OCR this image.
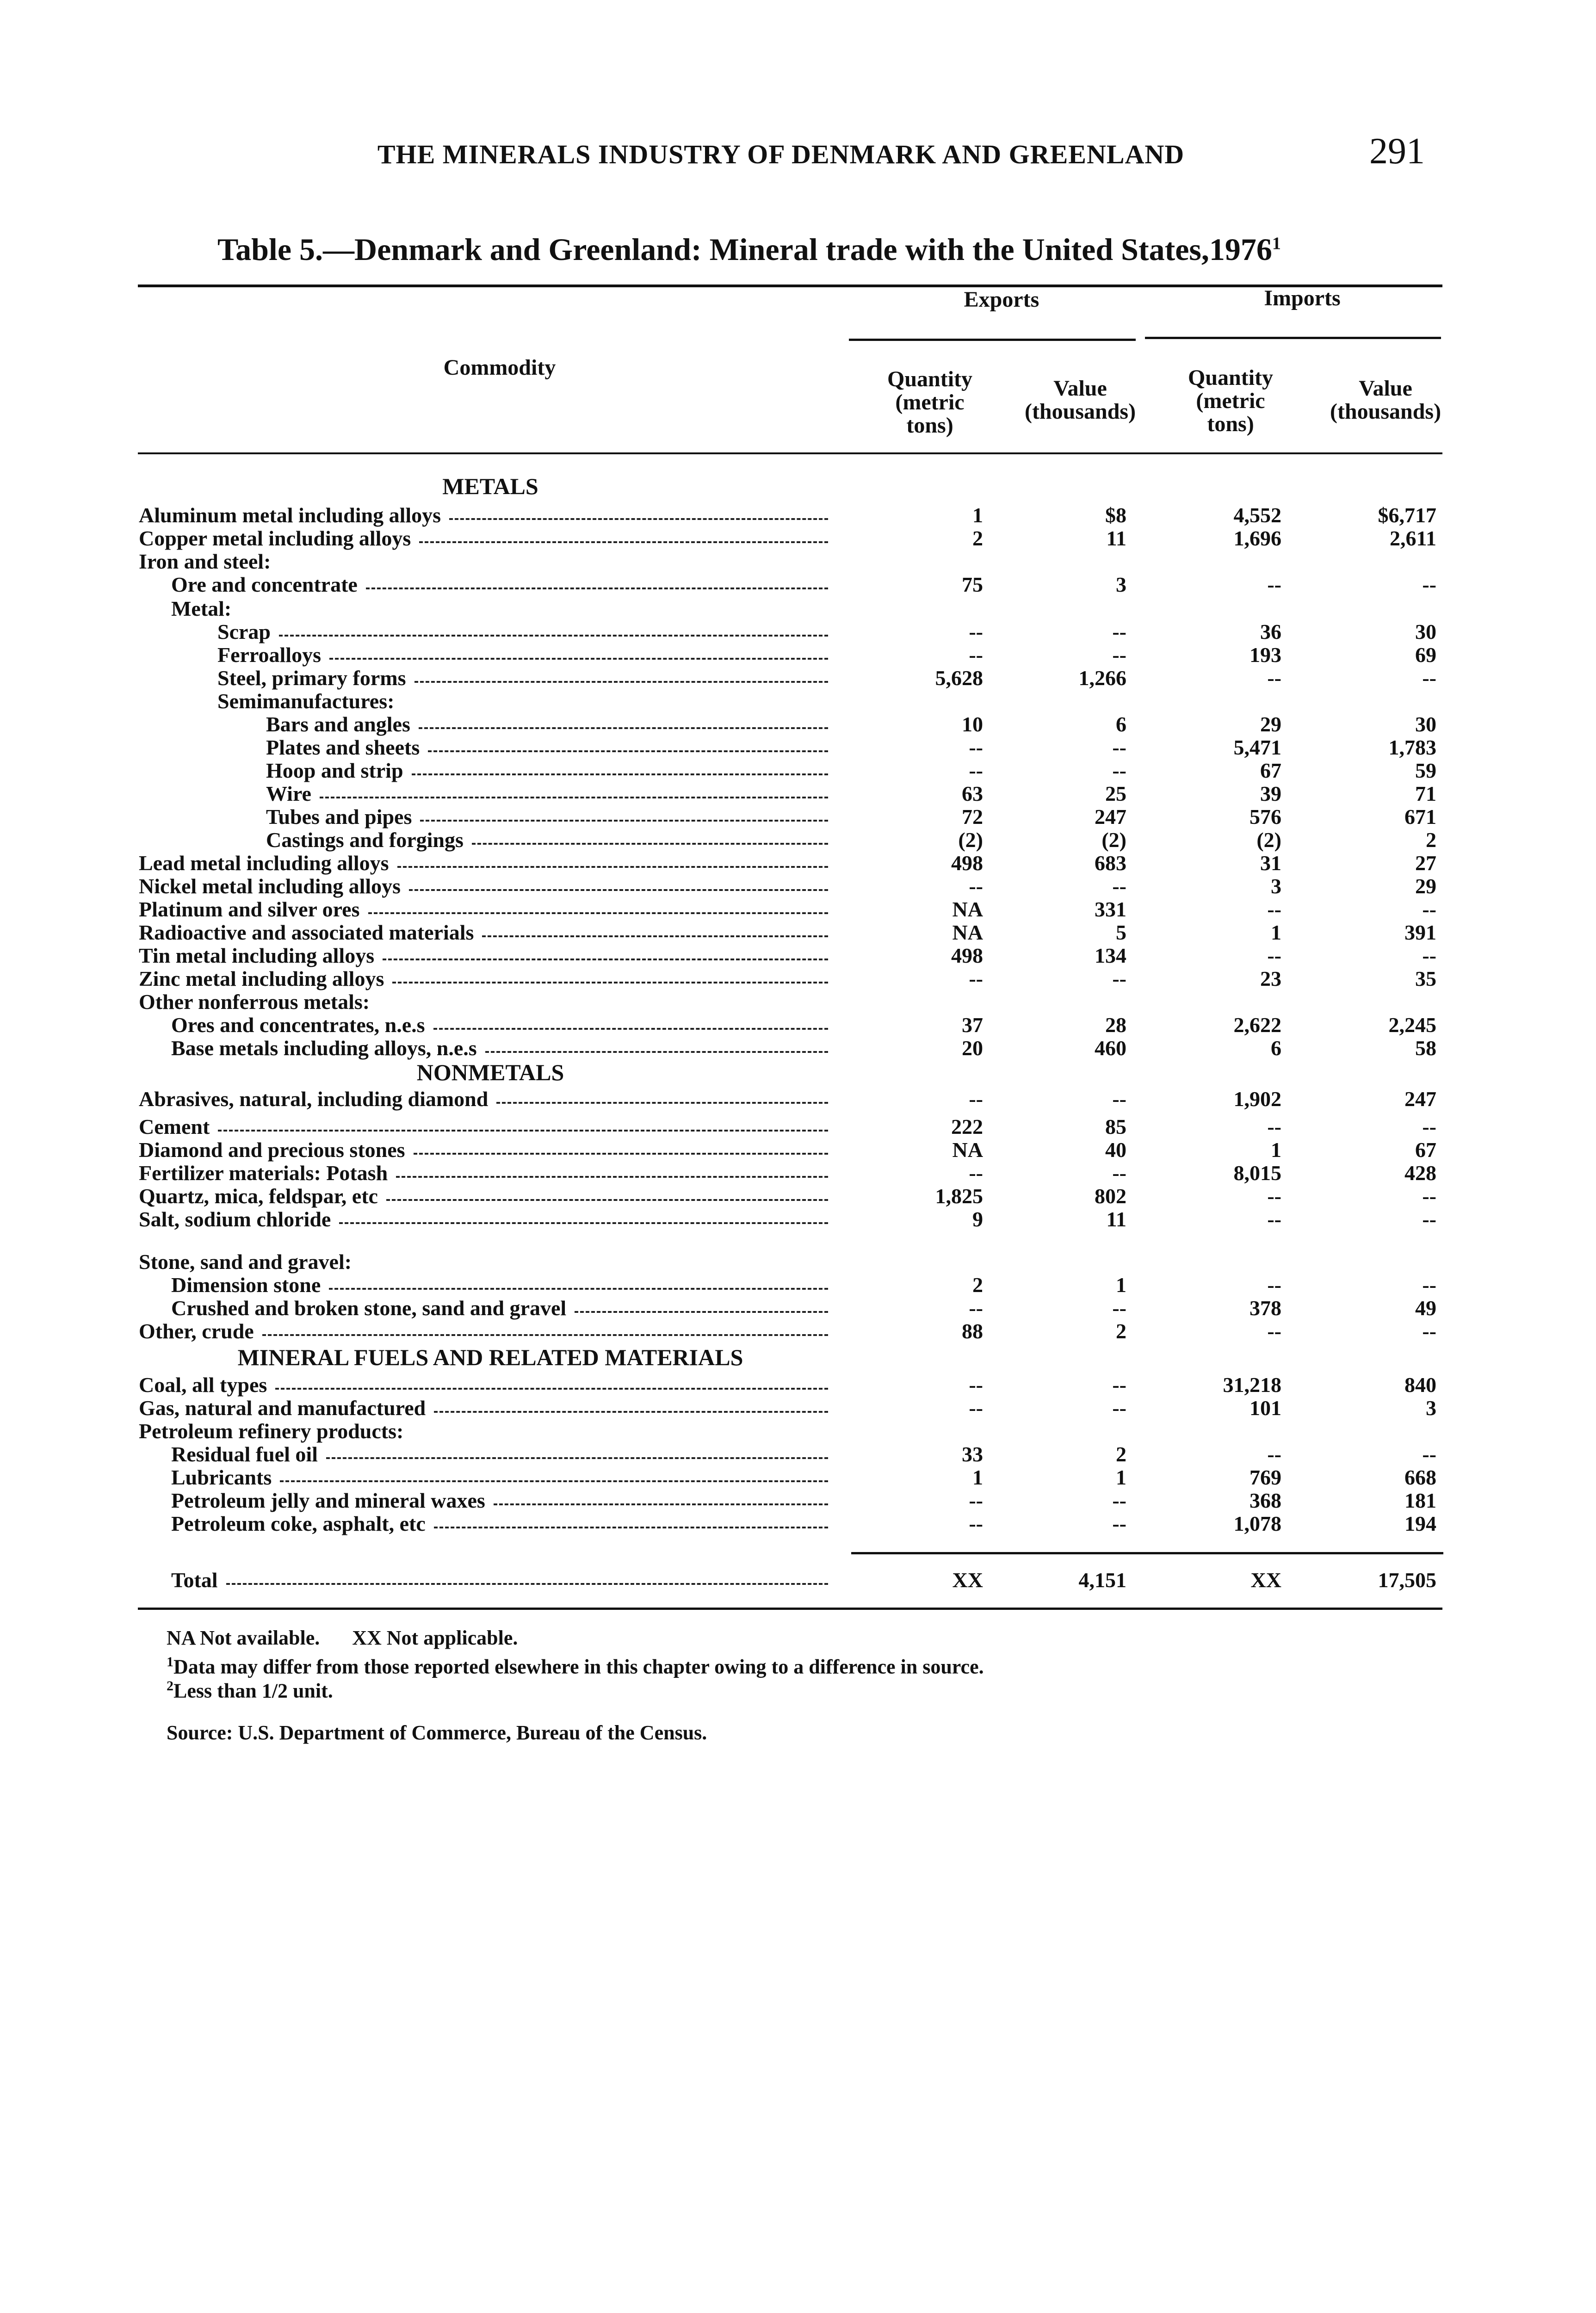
THE MINERALS INDUSTRY OF DENMARK AND GREENLAND	291
Table 5.—Denmark and Greenland: Mineral trade with the United States,1976$^1$
Commodity
Exports	Imports
Quantity
(metric
tons)
Value
(thousands)
Quantity
(metric
tons)
Value
(thousands)
METALS
Aluminum metal including alloys	1	$8	4,552	$6,717
Copper metal including alloys	2	11	1,696	2,611
Iron and steel:
Ore and concentrate	75	3	--	--
Metal:
Scrap	--	--	36	30
Ferroalloys	--	--	193	69
Steel, primary forms	5,628	1,266	--	--
Semimanufactures:
Bars and angles	10	6	29	30
Plates and sheets	--	--	5,471	1,783
Hoop and strip	--	--	67	59
Wire	63	25	39	71
Tubes and pipes	72	247	576	671
Castings and forgings	(2)	(2)	(2)	2
Lead metal including alloys	498	683	31	27
Nickel metal including alloys	--	--	3	29
Platinum and silver ores	NA	331	--	--
Radioactive and associated materials	NA	5	1	391
Tin metal including alloys	498	134	--	--
Zinc metal including alloys	--	--	23	35
Other nonferrous metals:
Ores and concentrates, n.e.s	37	28	2,622	2,245
Base metals including alloys, n.e.s	20	460	6	58
NONMETALS
Abrasives, natural, including diamond	--	--	1,902	247
Cement	222	85	--	--
Diamond and precious stones	NA	40	1	67
Fertilizer materials: Potash	--	--	8,015	428
Quartz, mica, feldspar, etc	1,825	802	--	--
Salt, sodium chloride	9	11	--	--
Stone, sand and gravel:
Dimension stone	2	1	--	--
Crushed and broken stone, sand and gravel	--	--	378	49
Other, crude	88	2	--	--
MINERAL FUELS AND RELATED MATERIALS
Coal, all types	--	--	31,218	840
Gas, natural and manufactured	--	--	101	3
Petroleum refinery products:
Residual fuel oil	33	2	--	--
Lubricants	1	1	769	668
Petroleum jelly and mineral waxes	--	--	368	181
Petroleum coke, asphalt, etc	--	--	1,078	194
Total	XX	4,151	XX	17,505
NA Not available. XX Not applicable.
$^1$Data may differ from those reported elsewhere in this chapter owing to a difference in source.
$^2$Less than 1/2 unit.
Source: U.S. Department of Commerce, Bureau of the Census.
